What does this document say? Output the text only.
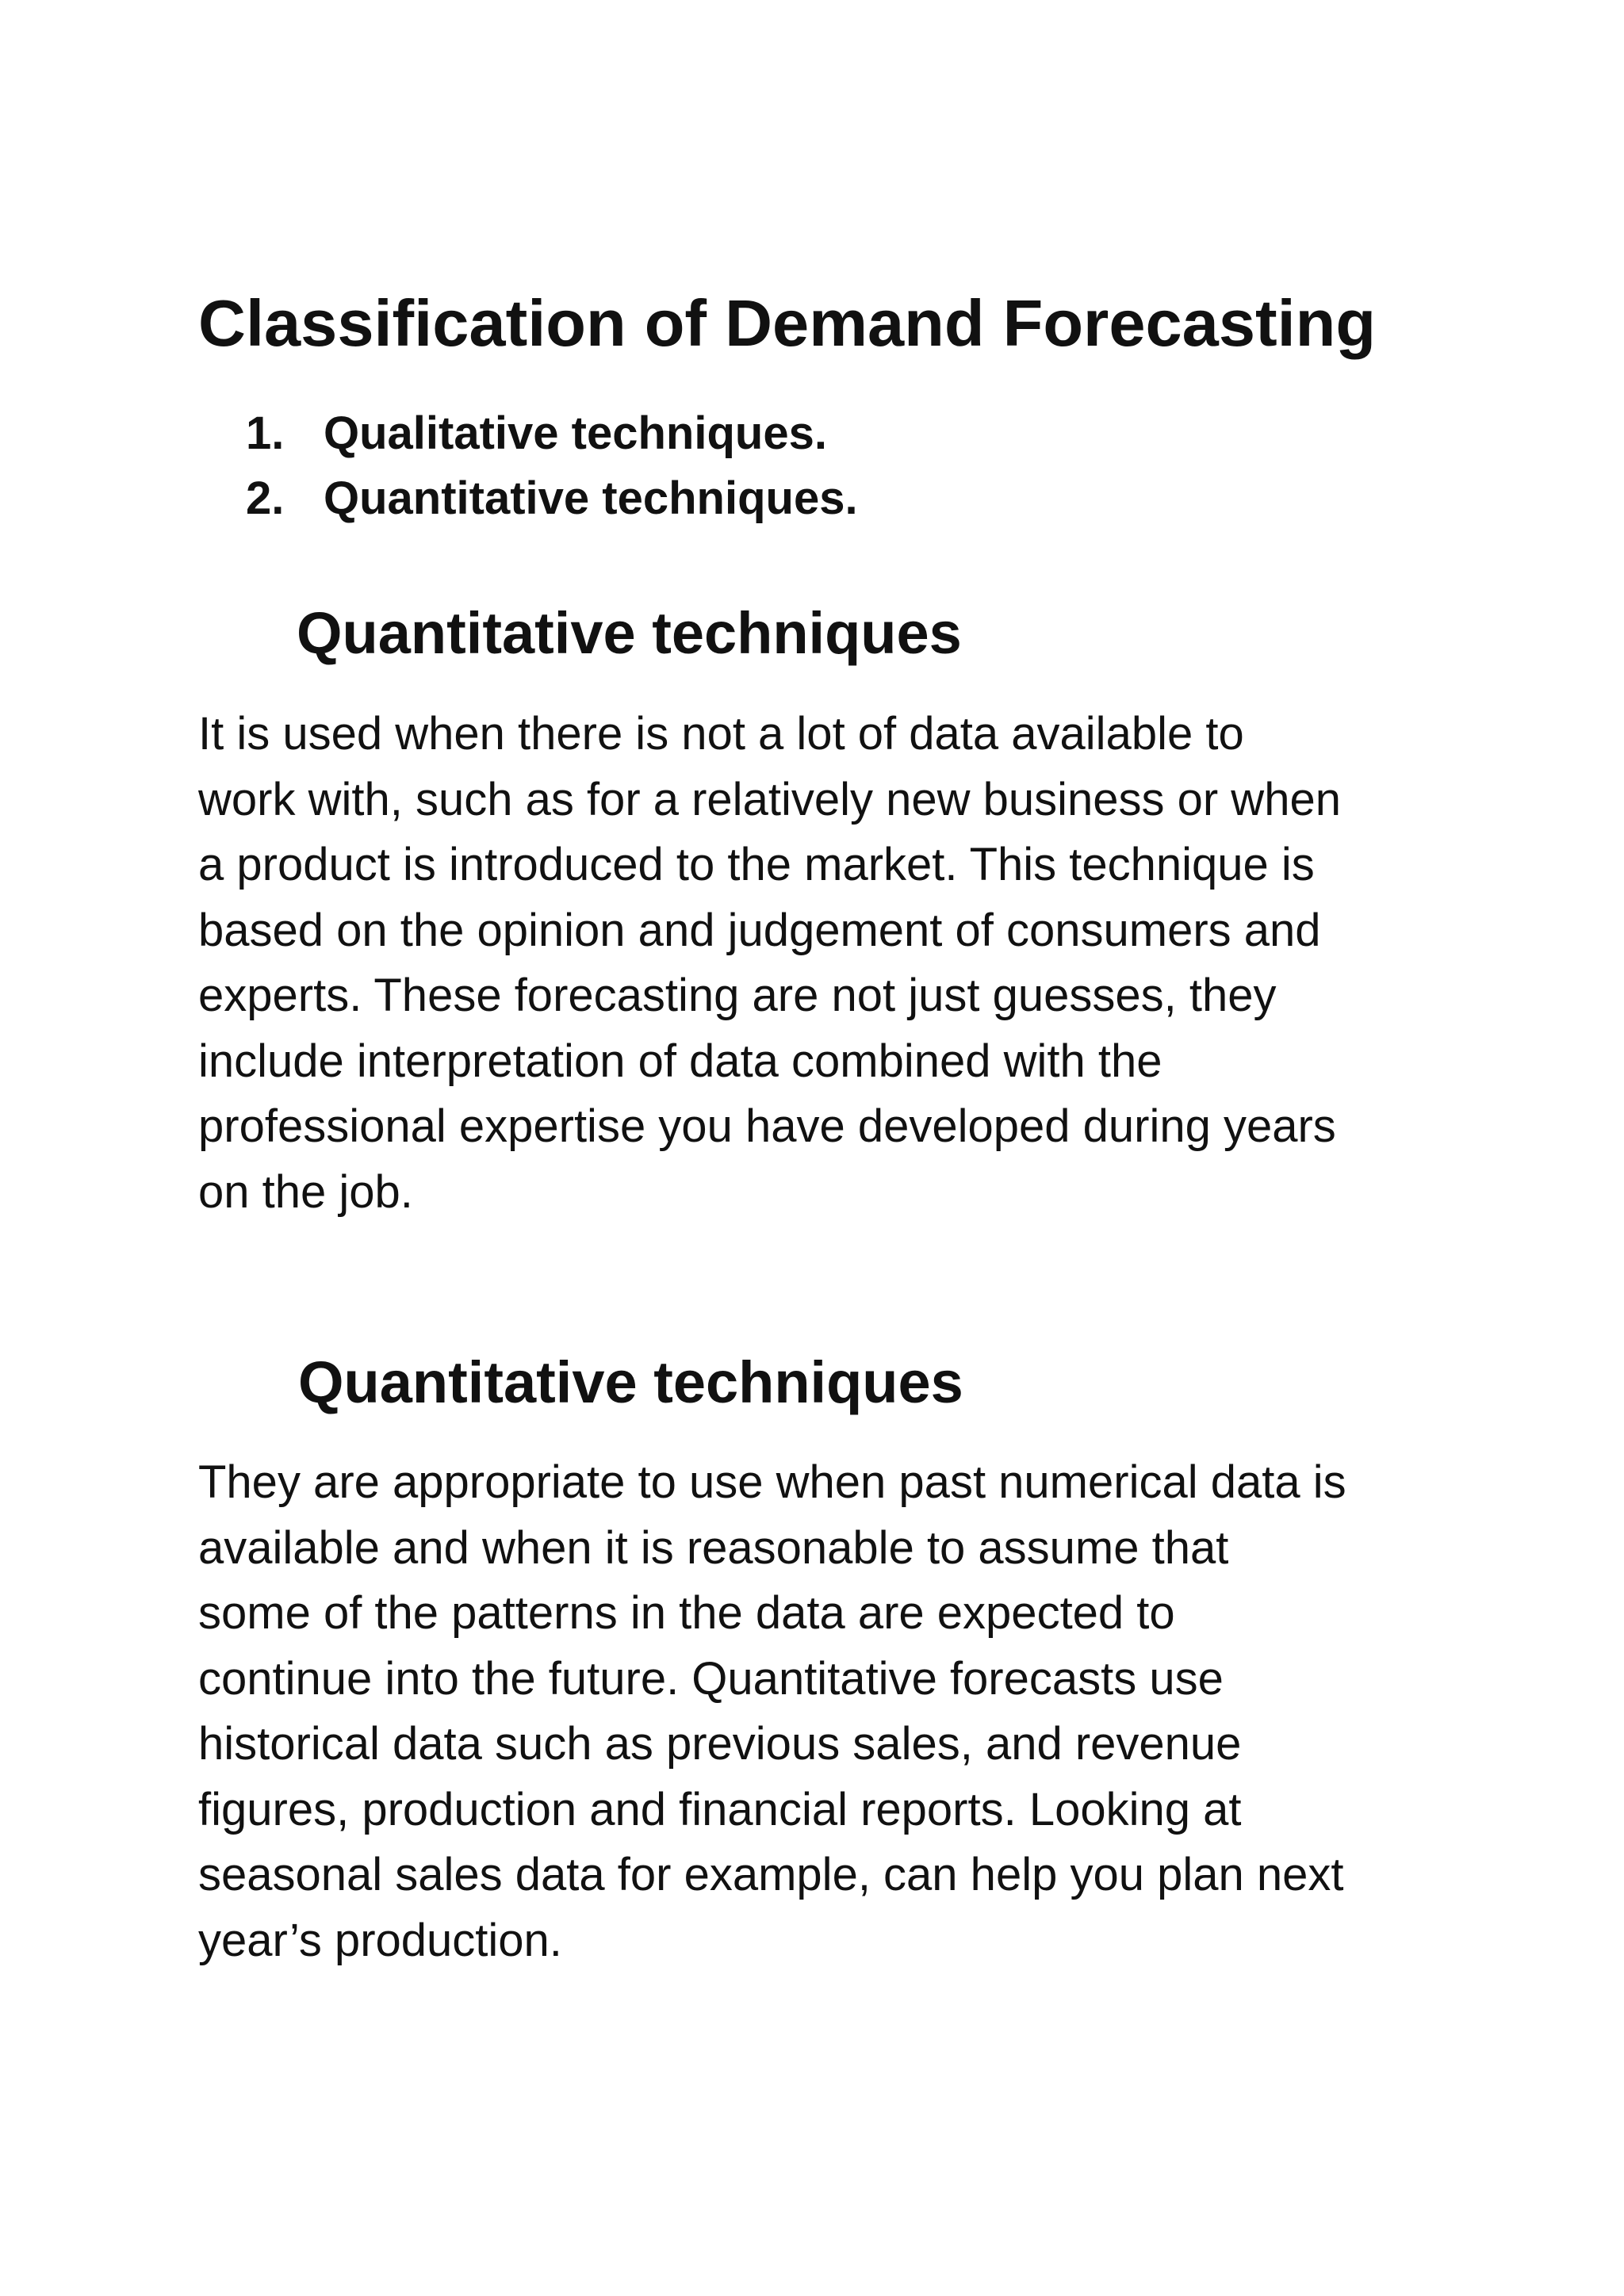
Classification of Demand Forecasting
1. Qualitative techniques.
2. Quantitative techniques.
Quantitative techniques

It is used when there is not a lot of data available to
work with, such as for a relatively new business or when
a product is introduced to the market. This technique is
based on the opinion and judgement of consumers and
experts. These forecasting are not just guesses, they
include interpretation of data combined with the
professional expertise you have developed during years
on the job.

Quantitative techniques

They are appropriate to use when past numerical data is
available and when it is reasonable to assume that
some of the patterns in the data are expected to
continue into the future. Quantitative forecasts use
historical data such as previous sales, and revenue
figures, production and financial reports. Looking at
seasonal sales data for example, can help you plan next
year’s production.
